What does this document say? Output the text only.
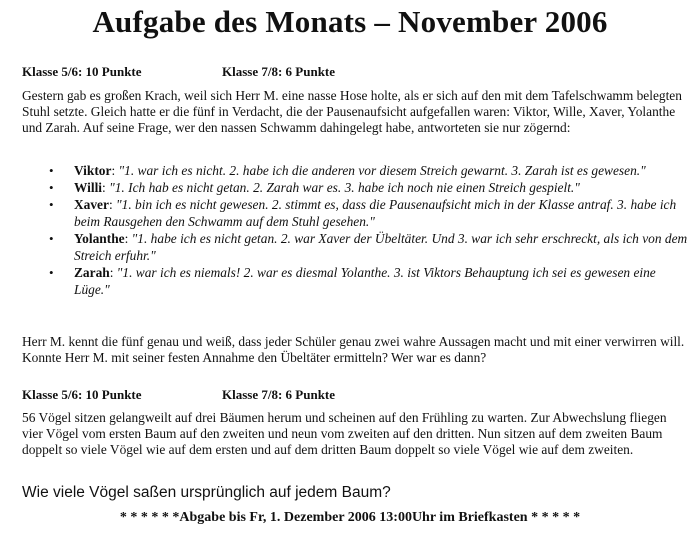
Aufgabe des Monats – November 2006
Klasse 5/6: 10 Punkte	Klasse 7/8: 6 Punkte
Gestern gab es großen Krach, weil sich Herr M. eine nasse Hose holte, als er sich auf den mit dem Tafelschwamm belegten Stuhl setzte. Gleich hatte er die fünf in Verdacht, die der Pausenaufsicht aufgefallen waren: Viktor, Wille, Xaver, Yolanthe und Zarah. Auf seine Frage, wer den nassen Schwamm dahingelegt habe, antworteten sie nur zögernd:
• Viktor: "1. war ich es nicht. 2. habe ich die anderen vor diesem Streich gewarnt. 3. Zarah ist es gewesen."
• Willi: "1. Ich hab es nicht getan. 2. Zarah war es. 3. habe ich noch nie einen Streich gespielt."
• Xaver: "1. bin ich es nicht gewesen. 2. stimmt es, dass die Pausenaufsicht mich in der Klasse antraf. 3. habe ich beim Rausgehen den Schwamm auf dem Stuhl gesehen."
• Yolanthe: "1. habe ich es nicht getan. 2. war Xaver der Übeltäter. Und 3. war ich sehr erschreckt, als ich von dem Streich erfuhr."
• Zarah: "1. war ich es niemals! 2. war es diesmal Yolanthe. 3. ist Viktors Behauptung ich sei es gewesen eine Lüge."
Herr M. kennt die fünf genau und weiß, dass jeder Schüler genau zwei wahre Aussagen macht und mit einer verwirren will. Konnte Herr M. mit seiner festen Annahme den Übeltäter ermitteln? Wer war es dann?
Klasse 5/6: 10 Punkte	Klasse 7/8: 6 Punkte
56 Vögel sitzen gelangweilt auf drei Bäumen herum und scheinen auf den Frühling zu warten. Zur Abwechslung fliegen vier Vögel vom ersten Baum auf den zweiten und neun vom zweiten auf den dritten. Nun sitzen auf dem zweiten Baum doppelt so viele Vögel wie auf dem ersten und auf dem dritten Baum doppelt so viele Vögel wie auf dem zweiten.
Wie viele Vögel saßen ursprünglich auf jedem Baum?
* * * * * *Abgabe bis Fr, 1. Dezember 2006 13:00Uhr im Briefkasten * * * * *
